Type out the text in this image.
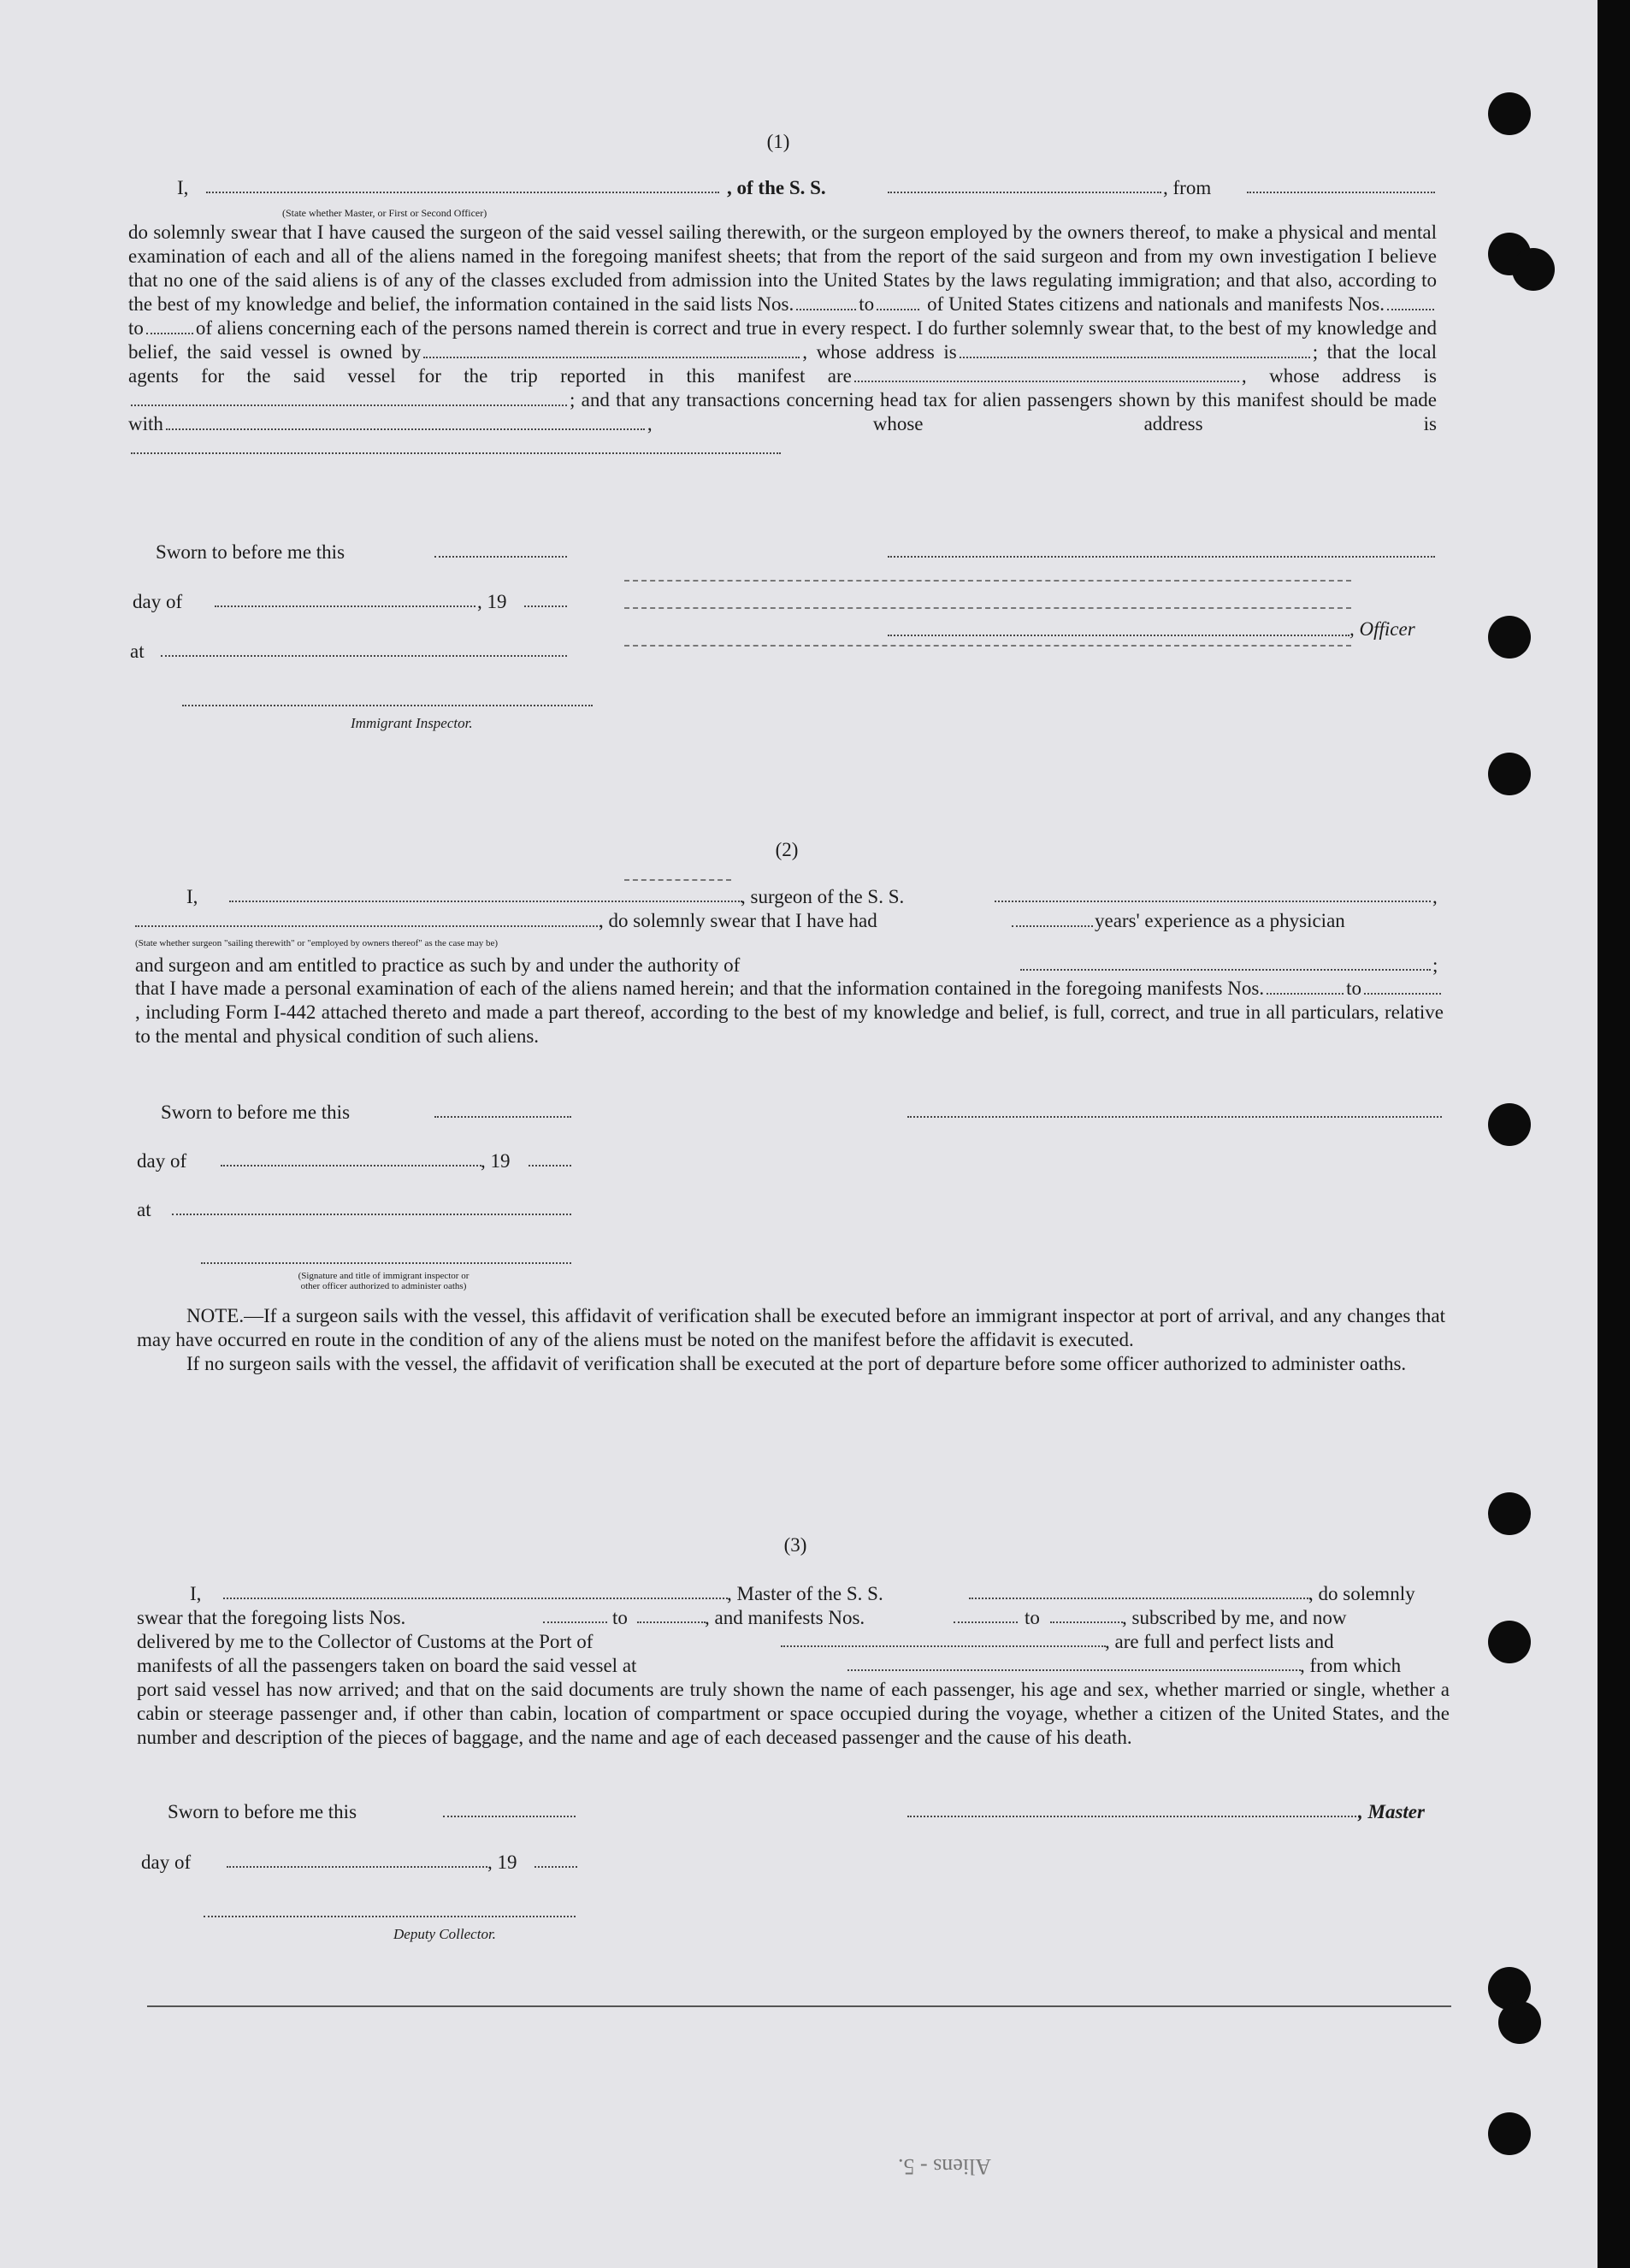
(1)
I,	, of the S. S.	, from
(State whether Master, or First or Second Officer)
do solemnly swear that I have caused the surgeon of the said vessel sailing therewith, or the surgeon employed by the owners thereof, to make a physical and mental examination of each and all of the aliens named in the foregoing manifest sheets; that from the report of the said surgeon and from my own investigation I believe that no one of the said aliens is of any of the classes excluded from admission into the United States by the laws regulating immigration; and that also, according to the best of my knowledge and belief, the information contained in the said lists Nos.	to	of United States citizens and nationals and manifests Nos.to	of aliens concerning each of the persons named therein is correct and true in every respect. I do further solemnly swear that, to the best of my knowledge and belief, the said vessel is owned by	, whose address is	; that the local agents for the said vessel for the trip reported in this manifest are	, whose address is; and that any transactions concerning head tax for alien passengers shown by this manifest should be made with	, whose address is
Sworn to before me this
day of	, 19
, Officer
at
Immigrant Inspector.
(2)
I,	, surgeon of the S. S.	,
, do solemnly swear that I have had	years' experience as a physician
(State whether surgeon "sailing therewith" or "employed by owners thereof" as the case may be)
and surgeon and am entitled to practice as such by and under the authority of	;
that I have made a personal examination of each of the aliens named herein; and that the information contained in the foregoing manifests Nos.	to, including Form I-442 attached thereto and made a part thereof, according to the best of my knowledge and belief, is full, correct, and true in all particulars, relative to the mental and physical condition of such aliens.
Sworn to before me this
day of	, 19
at
(Signature and title of immigrant inspector or
other officer authorized to administer oaths)
NOTE.—If a surgeon sails with the vessel, this affidavit of verification shall be executed before an immigrant inspector at port of arrival, and any changes that may have occurred en route in the condition of any of the aliens must be noted on the manifest before the affidavit is executed.
If no surgeon sails with the vessel, the affidavit of verification shall be executed at the port of departure before some officer authorized to administer oaths.
(3)
I,	, Master of the S. S.	, do solemnly
swear that the foregoing lists Nos.	to	, and manifests Nos.	to	, subscribed by me, and now
delivered by me to the Collector of Customs at the Port of	, are full and perfect lists and
manifests of all the passengers taken on board the said vessel at	, from which
port said vessel has now arrived; and that on the said documents are truly shown the name of each passenger, his age and sex, whether married or single, whether a cabin or steerage passenger and, if other than cabin, location of compartment or space occupied during the voyage, whether a citizen of the United States, and the number and description of the pieces of baggage, and the name and age of each deceased passenger and the cause of his death.
Sworn to before me this	, Master
day of	, 19
Deputy Collector.
Aliens - 5.
